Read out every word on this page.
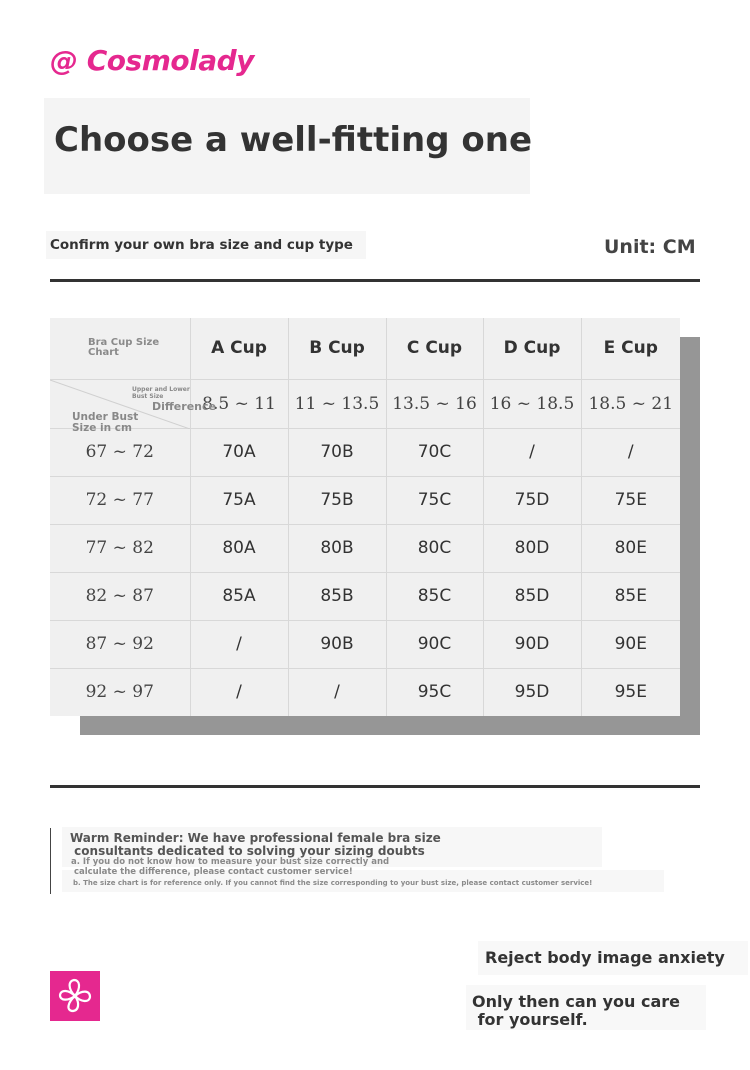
@ Cosmolady
Choose a well-fitting one
Confirm your own bra size and cup type	Unit: CM
Bra Cup Size
Chart	A Cup	B Cup	C Cup	D Cup	E Cup

Upper and Lower
Bust Size
Difference
Under Bust
Size in cm	8.5 ~ 11	11 ~ 13.5	13.5 ~ 16	16 ~ 18.5	18.5 ~ 21
67 ~ 72	70A	70B	70C	/	/
72 ~ 77	75A	75B	75C	75D	75E
77 ~ 82	80A	80B	80C	80D	80E
82 ~ 87	85A	85B	85C	85D	85E
87 ~ 92	/	90B	90C	90D	90E
92 ~ 97	/	/	95C	95D	95E
Warm Reminder: We have professional female bra size
consultants dedicated to solving your sizing doubts
a. If you do not know how to measure your bust size correctly and
calculate the difference, please contact customer service!
b. The size chart is for reference only. If you cannot find the size corresponding to your bust size, please contact customer service!
Reject body image anxiety
Only then can you care
for yourself.
